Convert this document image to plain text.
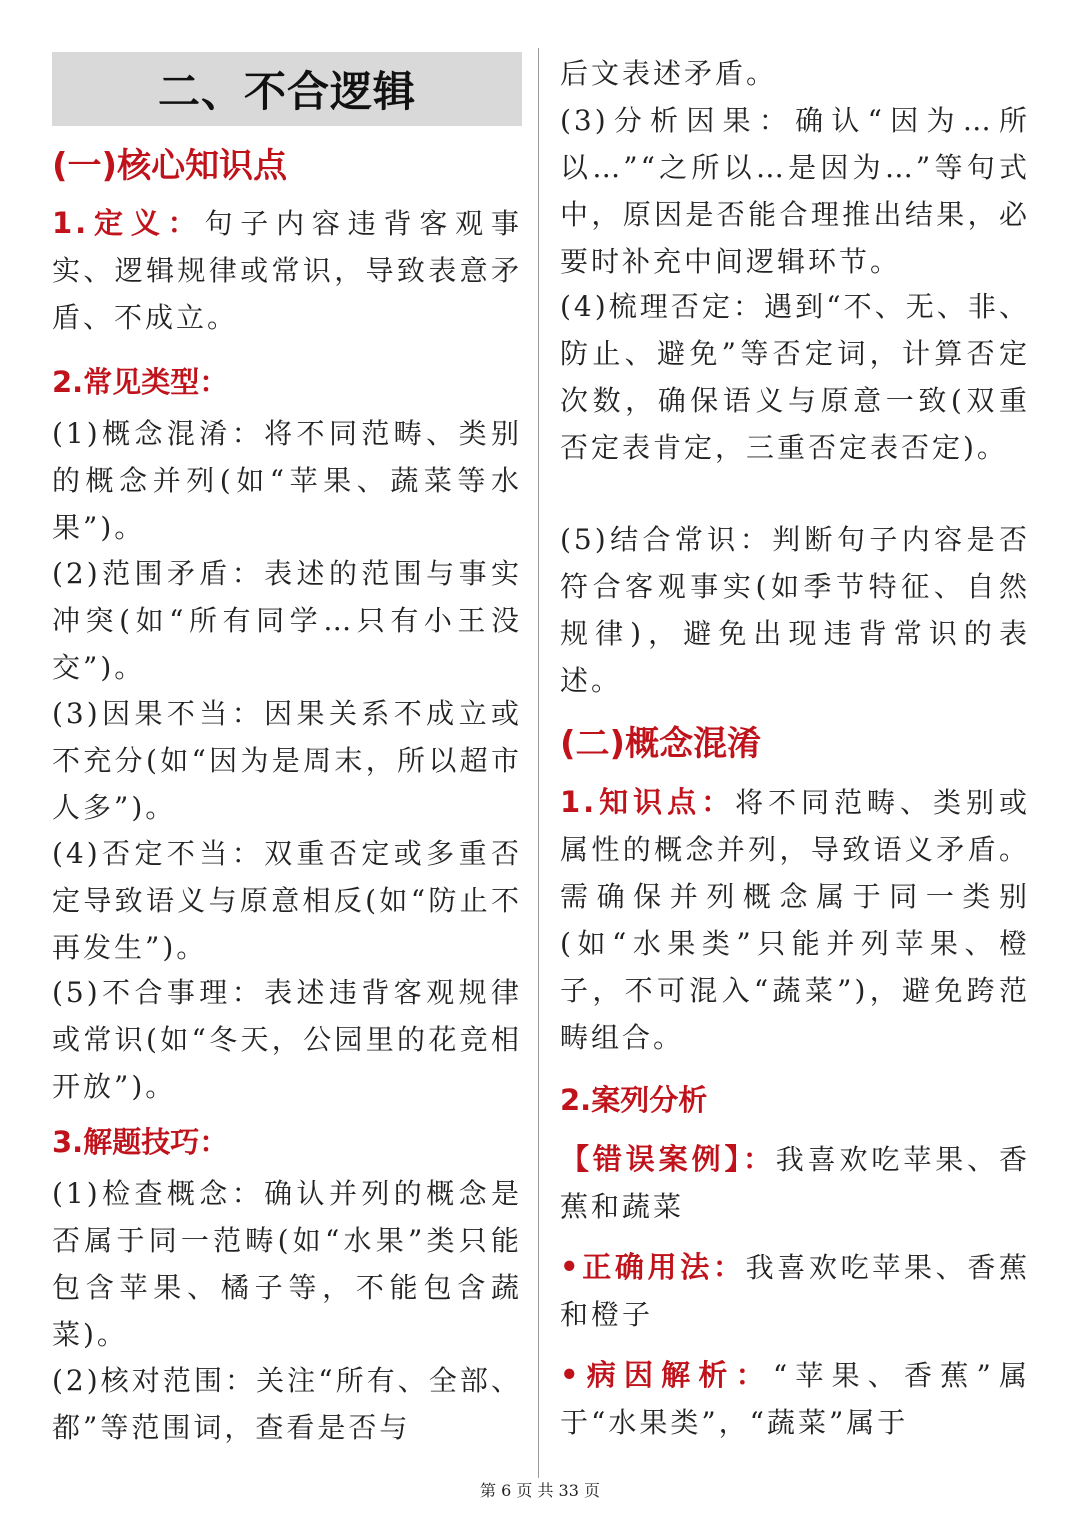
二、不合逻辑
(一)核心知识点

1.定义：句子内容违背客观事实、逻辑规律或常识，导致表意矛盾、不成立。

2.常见类型：

(1)概念混淆：将不同范畴、类别的概念并列(如“苹果、蔬菜等水果”)。

(2)范围矛盾：表述的范围与事实冲突(如“所有同学…只有小王没交”)。

(3)因果不当：因果关系不成立或不充分(如“因为是周末，所以超市人多”)。

(4)否定不当：双重否定或多重否定导致语义与原意相反(如“防止不再发生”)。

(5)不合事理：表述违背客观规律或常识(如“冬天，公园里的花竞相开放”)。

3.解题技巧：

(1)检查概念：确认并列的概念是否属于同一范畴(如“水果”类只能包含苹果、橘子等，不能包含蔬菜)。

(2)核对范围：关注“所有、全部、都”等范围词，查看是否与

后文表述矛盾。

(3)分析因果：确认“因为…所以…”“之所以…是因为…”等句式中，原因是否能合理推出结果，必要时补充中间逻辑环节。

(4)梳理否定：遇到“不、无、非、防止、避免”等否定词，计算否定次数，确保语义与原意一致(双重否定表肯定，三重否定表否定)。

(5)结合常识：判断句子内容是否符合客观事实(如季节特征、自然规律)，避免出现违背常识的表述。

(二)概念混淆

1.知识点：将不同范畴、类别或属性的概念并列，导致语义矛盾。需确保并列概念属于同一类别(如“水果类”只能并列苹果、橙子，不可混入“蔬菜”)，避免跨范畴组合。

2.案列分析

【错误案例】：我喜欢吃苹果、香蕉和蔬菜

•正确用法：我喜欢吃苹果、香蕉和橙子

•病因解析：“苹果、香蕉”属于“水果类”，“蔬菜”属于

第 6 页 共 33 页
